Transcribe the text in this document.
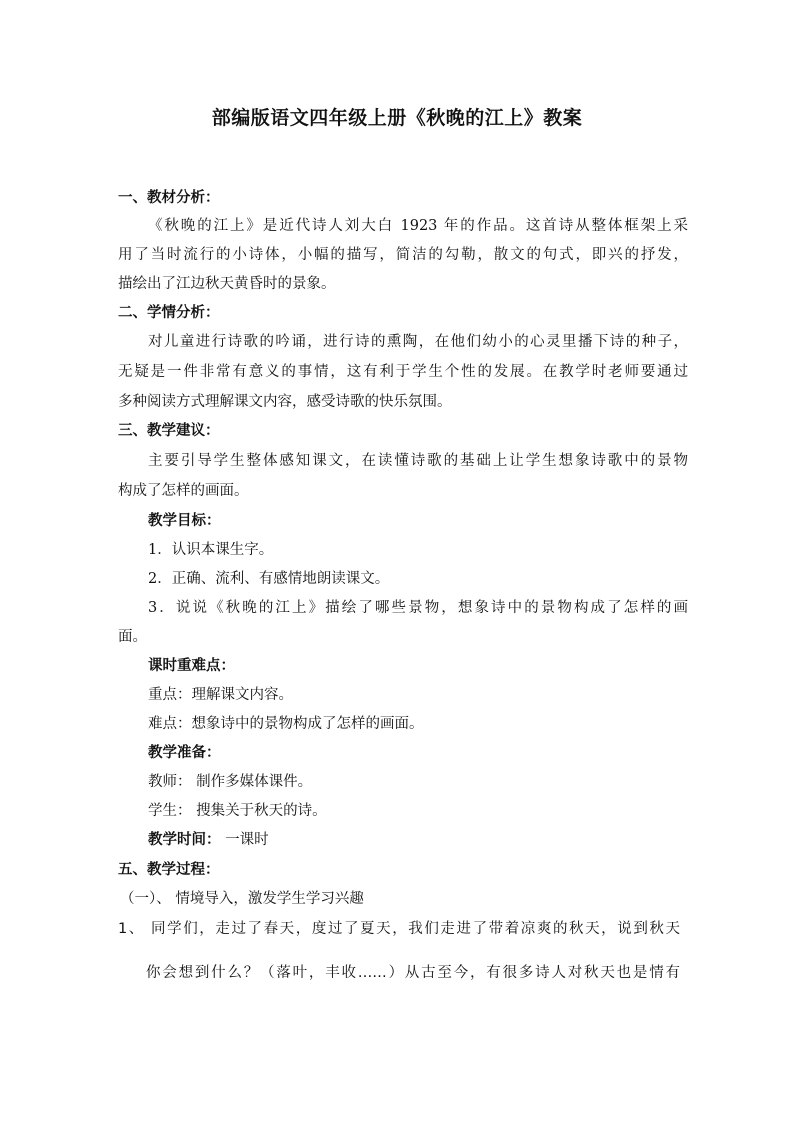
部编版语文四年级上册《秋晚的江上》教案

一、教材分析：

《秋晚的江上》是近代诗人刘大白 1923 年的作品。这首诗从整体框架上采

用了当时流行的小诗体，小幅的描写，简洁的勾勒，散文的句式，即兴的抒发，

描绘出了江边秋天黄昏时的景象。

二、学情分析：

对儿童进行诗歌的吟诵，进行诗的熏陶，在他们幼小的心灵里播下诗的种子，

无疑是一件非常有意义的事情，这有利于学生个性的发展。在教学时老师要通过

多种阅读方式理解课文内容，感受诗歌的快乐氛围。

三、教学建议：

主要引导学生整体感知课文，在读懂诗歌的基础上让学生想象诗歌中的景物

构成了怎样的画面。

教学目标：

1．认识本课生字。

2．正确、流利、有感情地朗读课文。

3．说说《秋晚的江上》描绘了哪些景物，想象诗中的景物构成了怎样的画

面。

课时重难点：

重点：理解课文内容。

难点：想象诗中的景物构成了怎样的画面。

教学准备：

教师： 制作多媒体课件。

学生： 搜集关于秋天的诗。

教学时间： 一课时

五、教学过程：

（一）、 情境导入，激发学生学习兴趣

1、 同学们，走过了春天，度过了夏天，我们走进了带着凉爽的秋天，说到秋天

你会想到什么？（落叶，丰收……）从古至今，有很多诗人对秋天也是情有
